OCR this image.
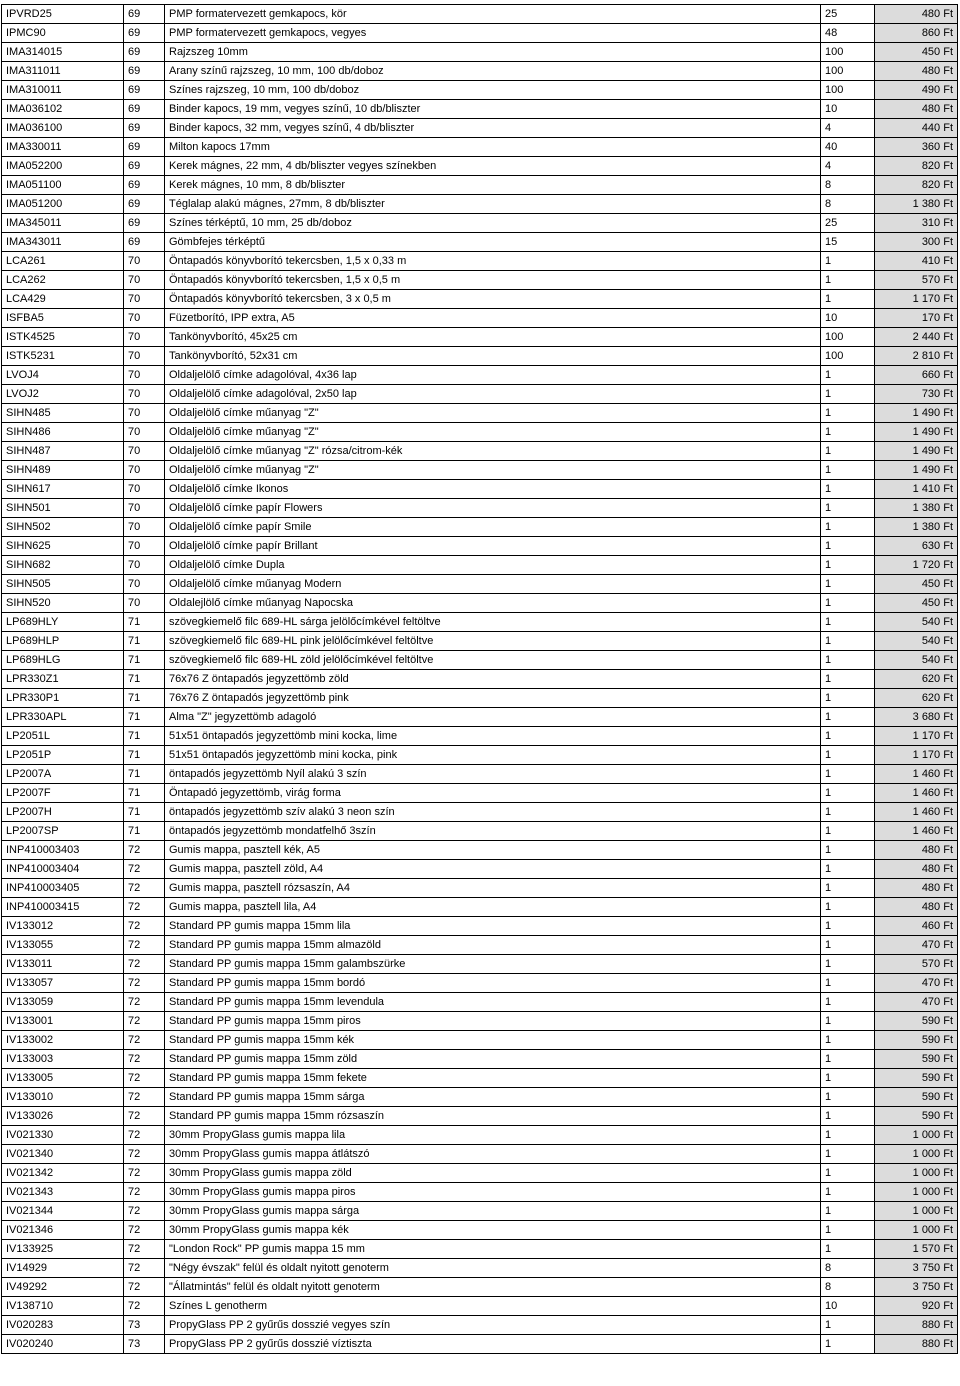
IPVRD25	69	PMP formatervezett gemkapocs, kör	25	480 Ft
IPMC90	69	PMP formatervezett gemkapocs, vegyes	48	860 Ft
IMA314015	69	Rajzszeg 10mm	100	450 Ft
IMA311011	69	Arany színű rajzszeg, 10 mm, 100 db/doboz	100	480 Ft
IMA310011	69	Színes rajzszeg, 10 mm, 100 db/doboz	100	490 Ft
IMA036102	69	Binder kapocs, 19 mm, vegyes színű, 10 db/bliszter	10	480 Ft
IMA036100	69	Binder kapocs, 32 mm, vegyes színű, 4 db/bliszter	4	440 Ft
IMA330011	69	Milton kapocs 17mm	40	360 Ft
IMA052200	69	Kerek mágnes, 22 mm, 4 db/bliszter vegyes színekben	4	820 Ft
IMA051100	69	Kerek mágnes, 10 mm, 8 db/bliszter	8	820 Ft
IMA051200	69	Téglalap alakú mágnes, 27mm, 8 db/bliszter	8	1 380 Ft
IMA345011	69	Színes térképtű, 10 mm, 25 db/doboz	25	310 Ft
IMA343011	69	Gömbfejes térképtű	15	300 Ft
LCA261	70	Öntapadós könyvborító tekercsben, 1,5 x 0,33 m	1	410 Ft
LCA262	70	Öntapadós könyvborító tekercsben, 1,5 x 0,5 m	1	570 Ft
LCA429	70	Öntapadós könyvborító tekercsben, 3 x 0,5 m	1	1 170 Ft
ISFBA5	70	Füzetborító, IPP extra, A5	10	170 Ft
ISTK4525	70	Tankönyvborító, 45x25 cm	100	2 440 Ft
ISTK5231	70	Tankönyvborító, 52x31 cm	100	2 810 Ft
LVOJ4	70	Oldaljelölő címke adagolóval, 4x36 lap	1	660 Ft
LVOJ2	70	Oldaljelölő címke adagolóval, 2x50 lap	1	730 Ft
SIHN485	70	Oldaljelölő címke műanyag "Z"	1	1 490 Ft
SIHN486	70	Oldaljelölő címke műanyag "Z"	1	1 490 Ft
SIHN487	70	Oldaljelölő címke műanyag "Z" rózsa/citrom-kék	1	1 490 Ft
SIHN489	70	Oldaljelölő címke műanyag "Z"	1	1 490 Ft
SIHN617	70	Oldaljelölő címke Ikonos	1	1 410 Ft
SIHN501	70	Oldaljelölő címke papír Flowers	1	1 380 Ft
SIHN502	70	Oldaljelölő címke papír Smile	1	1 380 Ft
SIHN625	70	Oldaljelölő címke papír Brillant	1	630 Ft
SIHN682	70	Oldaljelölő címke Dupla	1	1 720 Ft
SIHN505	70	Oldaljelölő címke műanyag Modern	1	450 Ft
SIHN520	70	Oldalejlölő címke műanyag Napocska	1	450 Ft
LP689HLY	71	szövegkiemelő filc 689-HL sárga jelölőcímkével feltöltve	1	540 Ft
LP689HLP	71	szövegkiemelő filc 689-HL pink jelölőcímkével feltöltve	1	540 Ft
LP689HLG	71	szövegkiemelő filc 689-HL zöld jelölőcímkével feltöltve	1	540 Ft
LPR330Z1	71	76x76 Z öntapadós jegyzettömb zöld	1	620 Ft
LPR330P1	71	76x76 Z öntapadós jegyzettömb pink	1	620 Ft
LPR330APL	71	Alma "Z" jegyzettömb adagoló	1	3 680 Ft
LP2051L	71	51x51 öntapadós jegyzettömb mini kocka, lime	1	1 170 Ft
LP2051P	71	51x51 öntapadós jegyzettömb mini kocka, pink	1	1 170 Ft
LP2007A	71	öntapadós jegyzettömb Nyíl alakú 3 szín	1	1 460 Ft
LP2007F	71	Öntapadó jegyzettömb, virág forma	1	1 460 Ft
LP2007H	71	öntapadós jegyzettömb szív alakú 3 neon szín	1	1 460 Ft
LP2007SP	71	öntapadós jegyzettömb mondatfelhő 3szín	1	1 460 Ft
INP410003403	72	Gumis mappa, pasztell kék, A5	1	480 Ft
INP410003404	72	Gumis mappa, pasztell zöld, A4	1	480 Ft
INP410003405	72	Gumis mappa, pasztell rózsaszín, A4	1	480 Ft
INP410003415	72	Gumis mappa, pasztell lila, A4	1	480 Ft
IV133012	72	Standard PP gumis mappa 15mm lila	1	460 Ft
IV133055	72	Standard PP gumis mappa 15mm almazöld	1	470 Ft
IV133011	72	Standard PP gumis mappa 15mm galambszürke	1	570 Ft
IV133057	72	Standard PP gumis mappa 15mm bordó	1	470 Ft
IV133059	72	Standard PP gumis mappa 15mm levendula	1	470 Ft
IV133001	72	Standard PP gumis mappa 15mm piros	1	590 Ft
IV133002	72	Standard PP gumis mappa 15mm kék	1	590 Ft
IV133003	72	Standard PP gumis mappa 15mm zöld	1	590 Ft
IV133005	72	Standard PP gumis mappa 15mm fekete	1	590 Ft
IV133010	72	Standard PP gumis mappa 15mm sárga	1	590 Ft
IV133026	72	Standard PP gumis mappa 15mm rózsaszín	1	590 Ft
IV021330	72	30mm PropyGlass gumis mappa lila	1	1 000 Ft
IV021340	72	30mm PropyGlass gumis mappa átlátszó	1	1 000 Ft
IV021342	72	30mm PropyGlass gumis mappa zöld	1	1 000 Ft
IV021343	72	30mm PropyGlass gumis mappa piros	1	1 000 Ft
IV021344	72	30mm PropyGlass gumis mappa sárga	1	1 000 Ft
IV021346	72	30mm PropyGlass gumis mappa kék	1	1 000 Ft
IV133925	72	"London Rock" PP gumis mappa 15 mm	1	1 570 Ft
IV14929	72	"Négy évszak" felül és oldalt nyitott genoterm	8	3 750 Ft
IV49292	72	"Állatmintás" felül és oldalt nyitott genoterm	8	3 750 Ft
IV138710	72	Színes L genotherm	10	920 Ft
IV020283	73	PropyGlass PP 2 gyűrűs dosszié vegyes szín	1	880 Ft
IV020240	73	PropyGlass PP 2 gyűrűs dosszié víztiszta	1	880 Ft
